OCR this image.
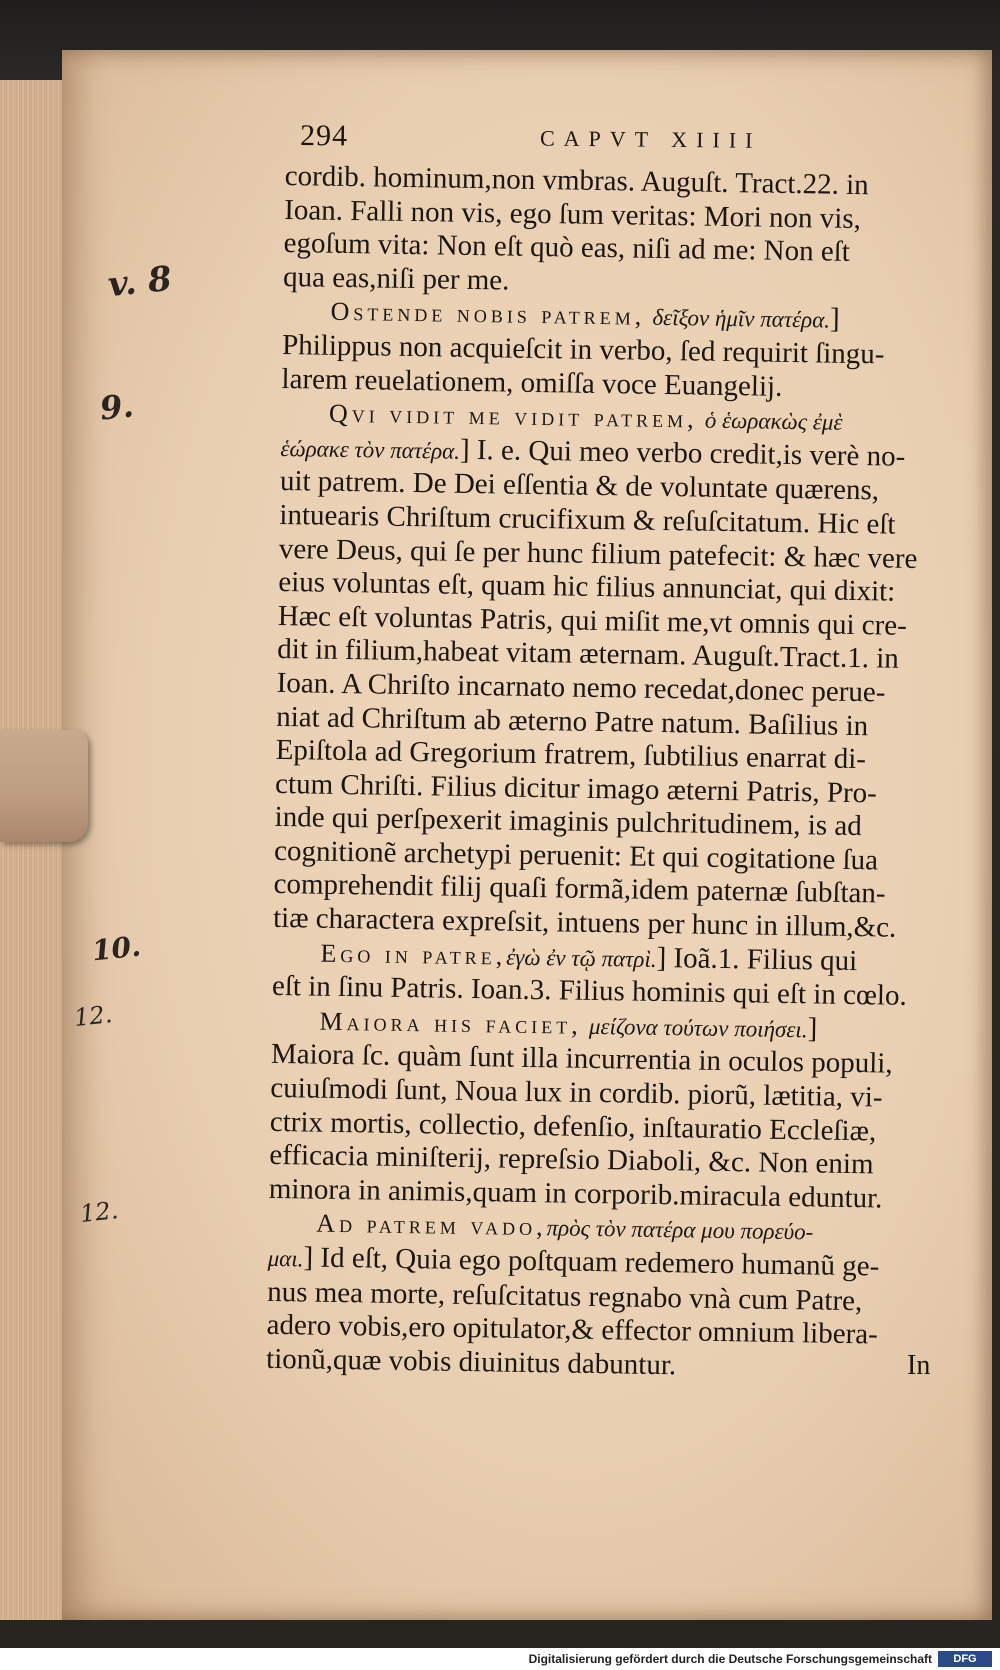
294	CAPVT XIIII
cordib. hominum,non vmbras. Auguſt. Tract.22. in
Ioan. Falli non vis, ego ſum veritas: Mori non vis,
egoſum vita: Non eſt quò eas, niſi ad me: Non eſt
qua eas,niſi per me.
Ostende nobis patrem, δεῖξον ἡμῖν πατέρα.]
Philippus non acquieſcit in verbo, ſed requirit ſingu-
larem reuelationem, omiſſa voce Euangelij.
Qvi vidit me vidit patrem, ὁ ἑωρακὼς ἐμὲ
ἑώρακε τὸν πατέρα.] I. e. Qui meo verbo credit,is verè no-
uit patrem. De Dei eſſentia & de voluntate quærens,
intuearis Chriſtum crucifixum & reſuſcitatum. Hic eſt
vere Deus, qui ſe per hunc filium patefecit: & hæc vere
eius voluntas eſt, quam hic filius annunciat, qui dixit:
Hæc eſt voluntas Patris, qui miſit me,vt omnis qui cre-
dit in filium,habeat vitam æternam. Auguſt.Tract.1. in
Ioan. A Chriſto incarnato nemo recedat,donec perue-
niat ad Chriſtum ab æterno Patre natum. Baſilius in
Epiſtola ad Gregorium fratrem, ſubtilius enarrat di-
ctum Chriſti. Filius dicitur imago æterni Patris, Pro-
inde qui perſpexerit imaginis pulchritudinem, is ad
cognitionẽ archetypi peruenit: Et qui cogitatione ſua
comprehendit filij quaſi formã,idem paternæ ſubſtan-
tiæ charactera expreſsit, intuens per hunc in illum,&c.
Ego in patre,ἐγὼ ἐν τῷ πατρὶ.] Ioã.1. Filius qui
eſt in ſinu Patris. Ioan.3. Filius hominis qui eſt in cœlo.
Maiora his faciet, μείζονα τούτων ποιήσει.]
Maiora ſc. quàm ſunt illa incurrentia in oculos populi,
cuiuſmodi ſunt, Noua lux in cordib. piorũ, lætitia, vi-
ctrix mortis, collectio, defenſio, inſtauratio Eccleſiæ,
efficacia miniſterij, repreſsio Diaboli, &c. Non enim
minora in animis,quam in corporib.miracula eduntur.
Ad patrem vado,πρὸς τὸν πατέρα μου πορεύο-
μαι.] Id eſt, Quia ego poſtquam redemero humanũ ge-
nus mea morte, reſuſcitatus regnabo vnà cum Patre,
adero vobis,ero opitulator,& effector omnium libera-
tionũ,quæ vobis diuinitus dabuntur.	In
v. 8
9.
10.
12.
12.
Digitalisierung gefördert durch die Deutsche Forschungsgemeinschaft	DFG
